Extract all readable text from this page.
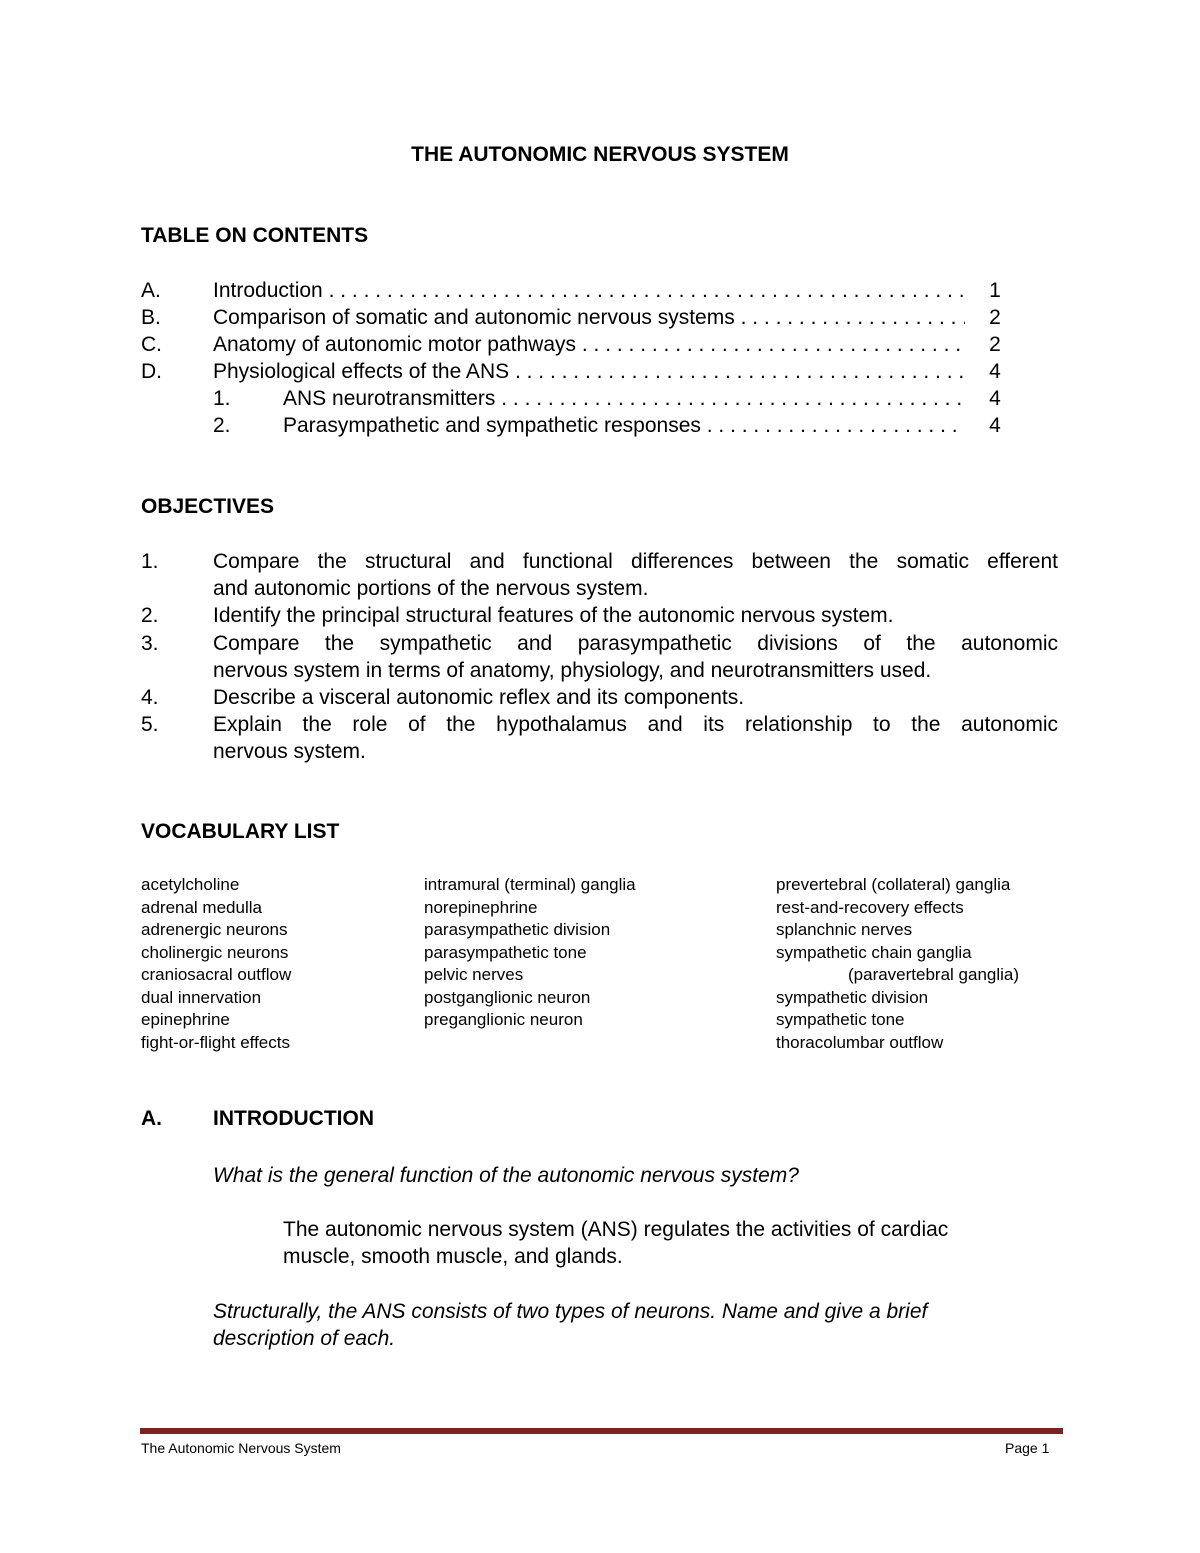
THE AUTONOMIC NERVOUS SYSTEM
TABLE ON CONTENTS
A. Introduction . . .	1
B. Comparison of somatic and autonomic nervous systems . . .	2
C. Anatomy of autonomic motor pathways . . .	2
D. Physiological effects of the ANS . . .	4
1. ANS neurotransmitters . . .	4
2. Parasympathetic and sympathetic responses . . .	4
OBJECTIVES
1.	Compare the structural and functional differences between the somatic efferent
and autonomic portions of the nervous system.
2.	Identify the principal structural features of the autonomic nervous system.
3.	Compare the sympathetic and parasympathetic divisions of the autonomic
nervous system in terms of anatomy, physiology, and neurotransmitters used.
4.	Describe a visceral autonomic reflex and its components.
5.	Explain the role of the hypothalamus and its relationship to the autonomic
nervous system.
VOCABULARY LIST
acetylcholine
adrenal medulla
adrenergic neurons
cholinergic neurons
craniosacral outflow
dual innervation
epinephrine
fight-or-flight effects
intramural (terminal) ganglia
norepinephrine
parasympathetic division
parasympathetic tone
pelvic nerves
postganglionic neuron
preganglionic neuron
prevertebral (collateral) ganglia
rest-and-recovery effects
splanchnic nerves
sympathetic chain ganglia
(paravertebral ganglia)
sympathetic division
sympathetic tone
thoracolumbar outflow
A. INTRODUCTION
What is the general function of the autonomic nervous system?
The autonomic nervous system (ANS) regulates the activities of cardiac
muscle, smooth muscle, and glands.
Structurally, the ANS consists of two types of neurons. Name and give a brief
description of each.
The Autonomic Nervous System	Page 1
